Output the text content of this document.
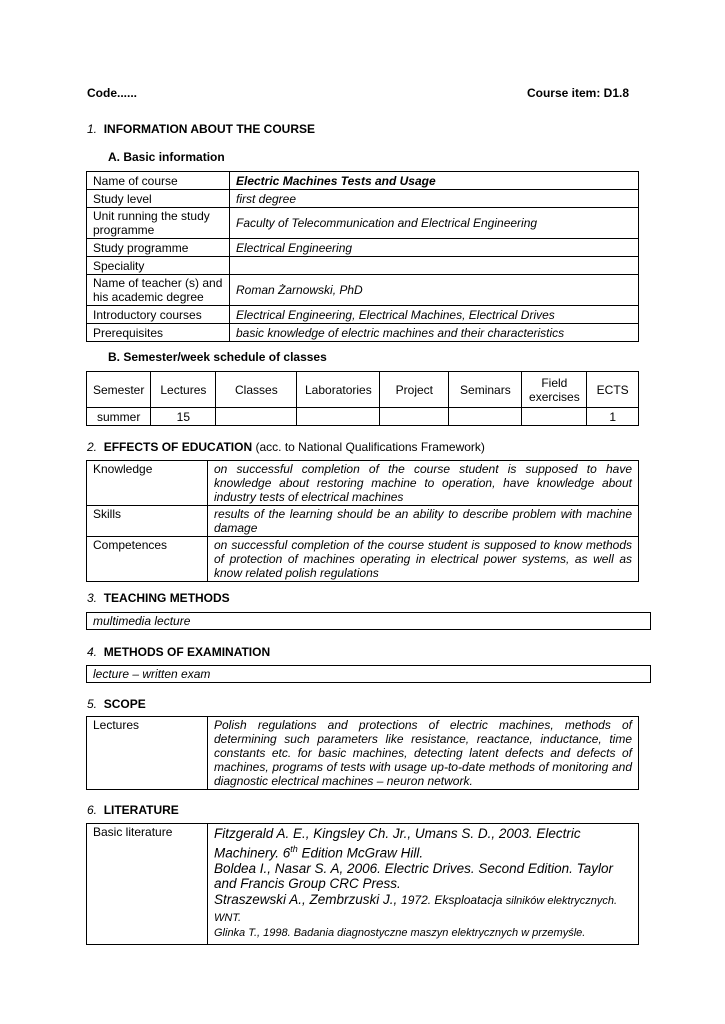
Code......	Course item: D1.8
1. INFORMATION ABOUT THE COURSE
A. Basic information
Name of course	Electric Machines Tests and Usage
Study level	first degree
Unit running the study programme	Faculty of Telecommunication and Electrical Engineering
Study programme	Electrical Engineering
Speciality	
Name of teacher (s) and his academic degree	Roman Żarnowski, PhD
Introductory courses	Electrical Engineering, Electrical Machines, Electrical Drives
Prerequisites	basic knowledge of electric machines and their characteristics
B. Semester/week schedule of classes
Semester	Lectures	Classes	Laboratories	Project	Seminars	Field exercises	ECTS
summer	15						1
2. EFFECTS OF EDUCATION (acc. to National Qualifications Framework)
Knowledge	on successful completion of the course student is supposed to have knowledge about restoring machine to operation, have knowledge about industry tests of electrical machines
Skills	results of the learning should be an ability to describe problem with machine damage
Competences	on successful completion of the course student is supposed to know methods of protection of machines operating in electrical power systems, as well as know related polish regulations
3. TEACHING METHODS
multimedia lecture
4. METHODS OF EXAMINATION
lecture – written exam
5. SCOPE
Lectures	Polish regulations and protections of electric machines, methods of determining such parameters like resistance, reactance, inductance, time constants etc. for basic machines, detecting latent defects and defects of machines, programs of tests with usage up-to-date methods of monitoring and diagnostic electrical machines – neuron network.
6. LITERATURE
Basic literature	Fitzgerald A. E., Kingsley Ch. Jr., Umans S. D., 2003. Electric Machinery. 6th Edition McGraw Hill.
Boldea I., Nasar S. A, 2006. Electric Drives. Second Edition. Taylor and Francis Group CRC Press.
Straszewski A., Zembrzuski J., 1972. Eksploatacja silników elektrycznych. WNT.
Glinka T., 1998. Badania diagnostyczne maszyn elektrycznych w przemyśle.
